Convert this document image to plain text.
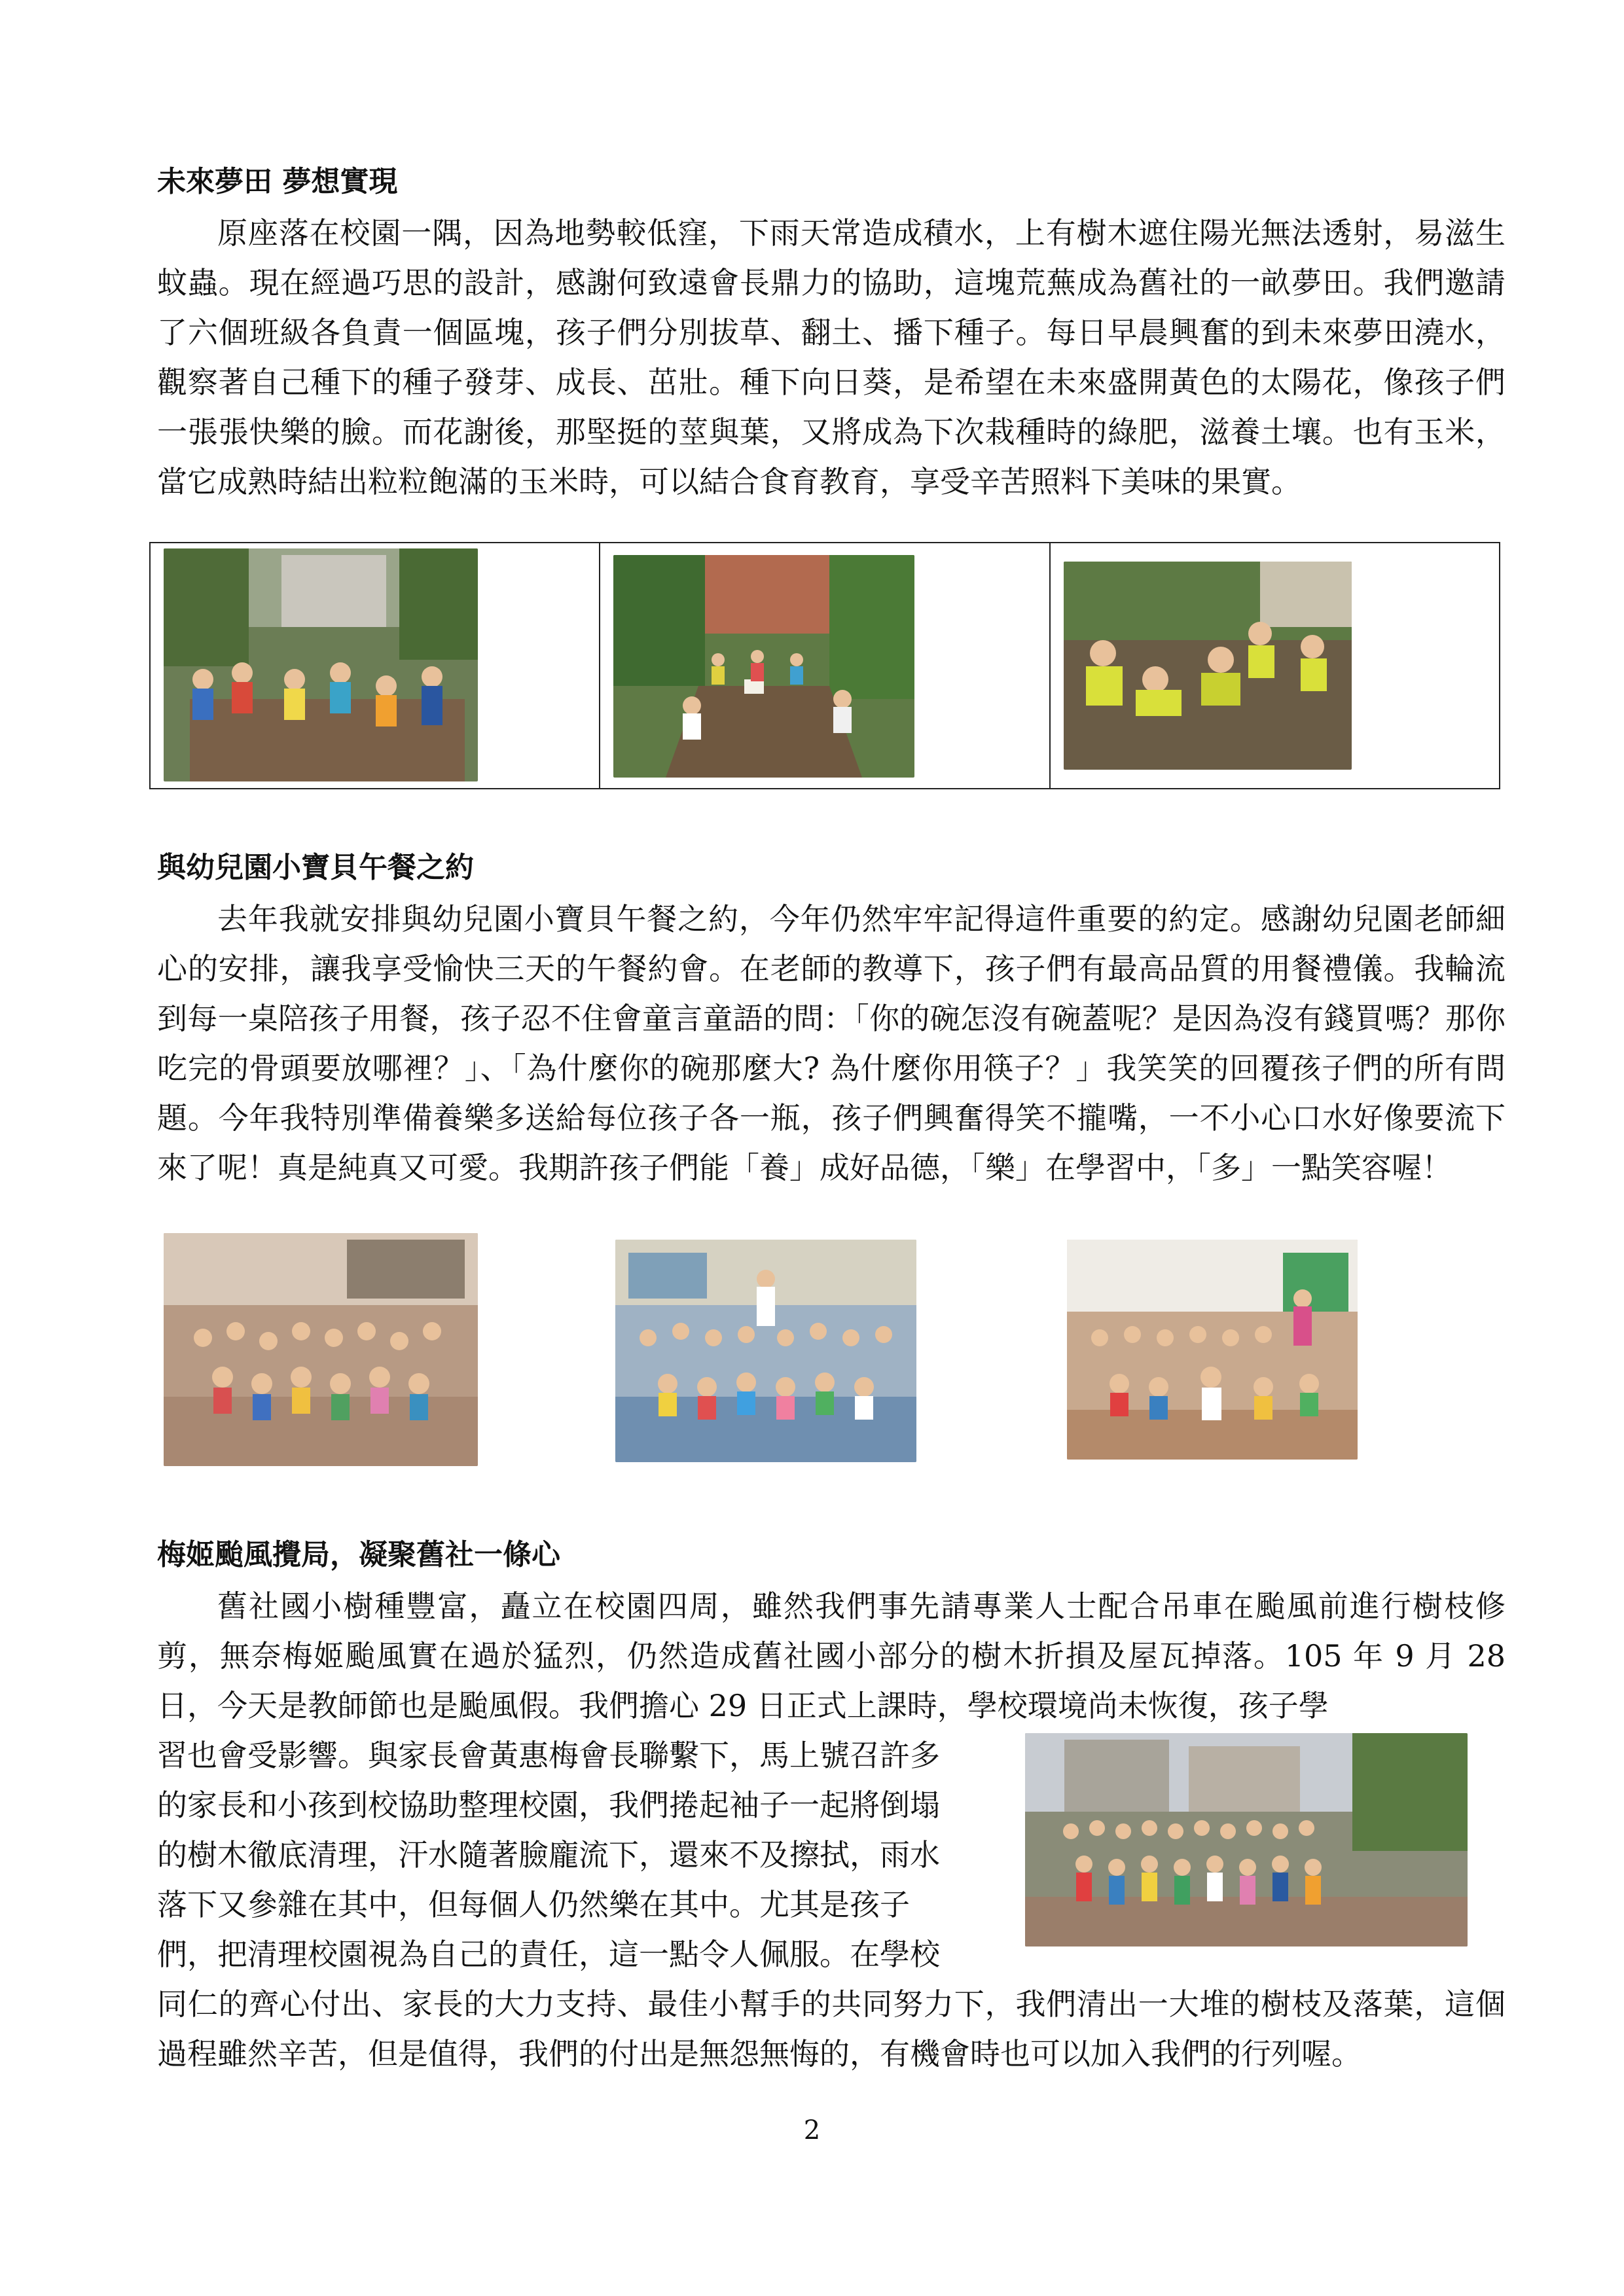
未來夢田 夢想實現

原座落在校園一隅，因為地勢較低窪，下雨天常造成積水，上有樹木遮住陽光無法透射，易滋生蚊蟲。現在經過巧思的設計，感謝何致遠會長鼎力的協助，這塊荒蕪成為舊社的一畝夢田。我們邀請了六個班級各負責一個區塊，孩子們分別拔草、翻土、播下種子。每日早晨興奮的到未來夢田澆水，觀察著自己種下的種子發芽、成長、茁壯。種下向日葵，是希望在未來盛開黃色的太陽花，像孩子們一張張快樂的臉。而花謝後，那堅挺的莖與葉，又將成為下次栽種時的綠肥，滋養土壤。也有玉米，當它成熟時結出粒粒飽滿的玉米時，可以結合食育教育，享受辛苦照料下美味的果實。

與幼兒園小寶貝午餐之約

去年我就安排與幼兒園小寶貝午餐之約，今年仍然牢牢記得這件重要的約定。感謝幼兒園老師細心的安排，讓我享受愉快三天的午餐約會。在老師的教導下，孩子們有最高品質的用餐禮儀。我輪流到每一桌陪孩子用餐，孩子忍不住會童言童語的問：「你的碗怎沒有碗蓋呢？是因為沒有錢買嗎？那你吃完的骨頭要放哪裡？」、「為什麼你的碗那麼大? 為什麼你用筷子？」我笑笑的回覆孩子們的所有問題。今年我特別準備養樂多送給每位孩子各一瓶，孩子們興奮得笑不攏嘴，一不小心口水好像要流下來了呢！真是純真又可愛。我期許孩子們能「養」成好品德，「樂」在學習中，「多」一點笑容喔！

梅姬颱風攪局，凝聚舊社一條心

舊社國小樹種豐富，矗立在校園四周，雖然我們事先請專業人士配合吊車在颱風前進行樹枝修剪，無奈梅姬颱風實在過於猛烈，仍然造成舊社國小部分的樹木折損及屋瓦掉落。105 年 9 月 28 日，今天是教師節也是颱風假。我們擔心 29 日正式上課時，學校環境尚未恢復，孩子學

習也會受影響。與家長會黃惠梅會長聯繫下，馬上號召許多
的家長和小孩到校協助整理校園，我們捲起袖子一起將倒塌
的樹木徹底清理，汗水隨著臉龐流下，還來不及擦拭，雨水
落下又參雜在其中，但每個人仍然樂在其中。尤其是孩子
們，把清理校園視為自己的責任，這一點令人佩服。在學校

同仁的齊心付出、家長的大力支持、最佳小幫手的共同努力下，我們清出一大堆的樹枝及落葉，這個過程雖然辛苦，但是值得，我們的付出是無怨無悔的，有機會時也可以加入我們的行列喔。

2
